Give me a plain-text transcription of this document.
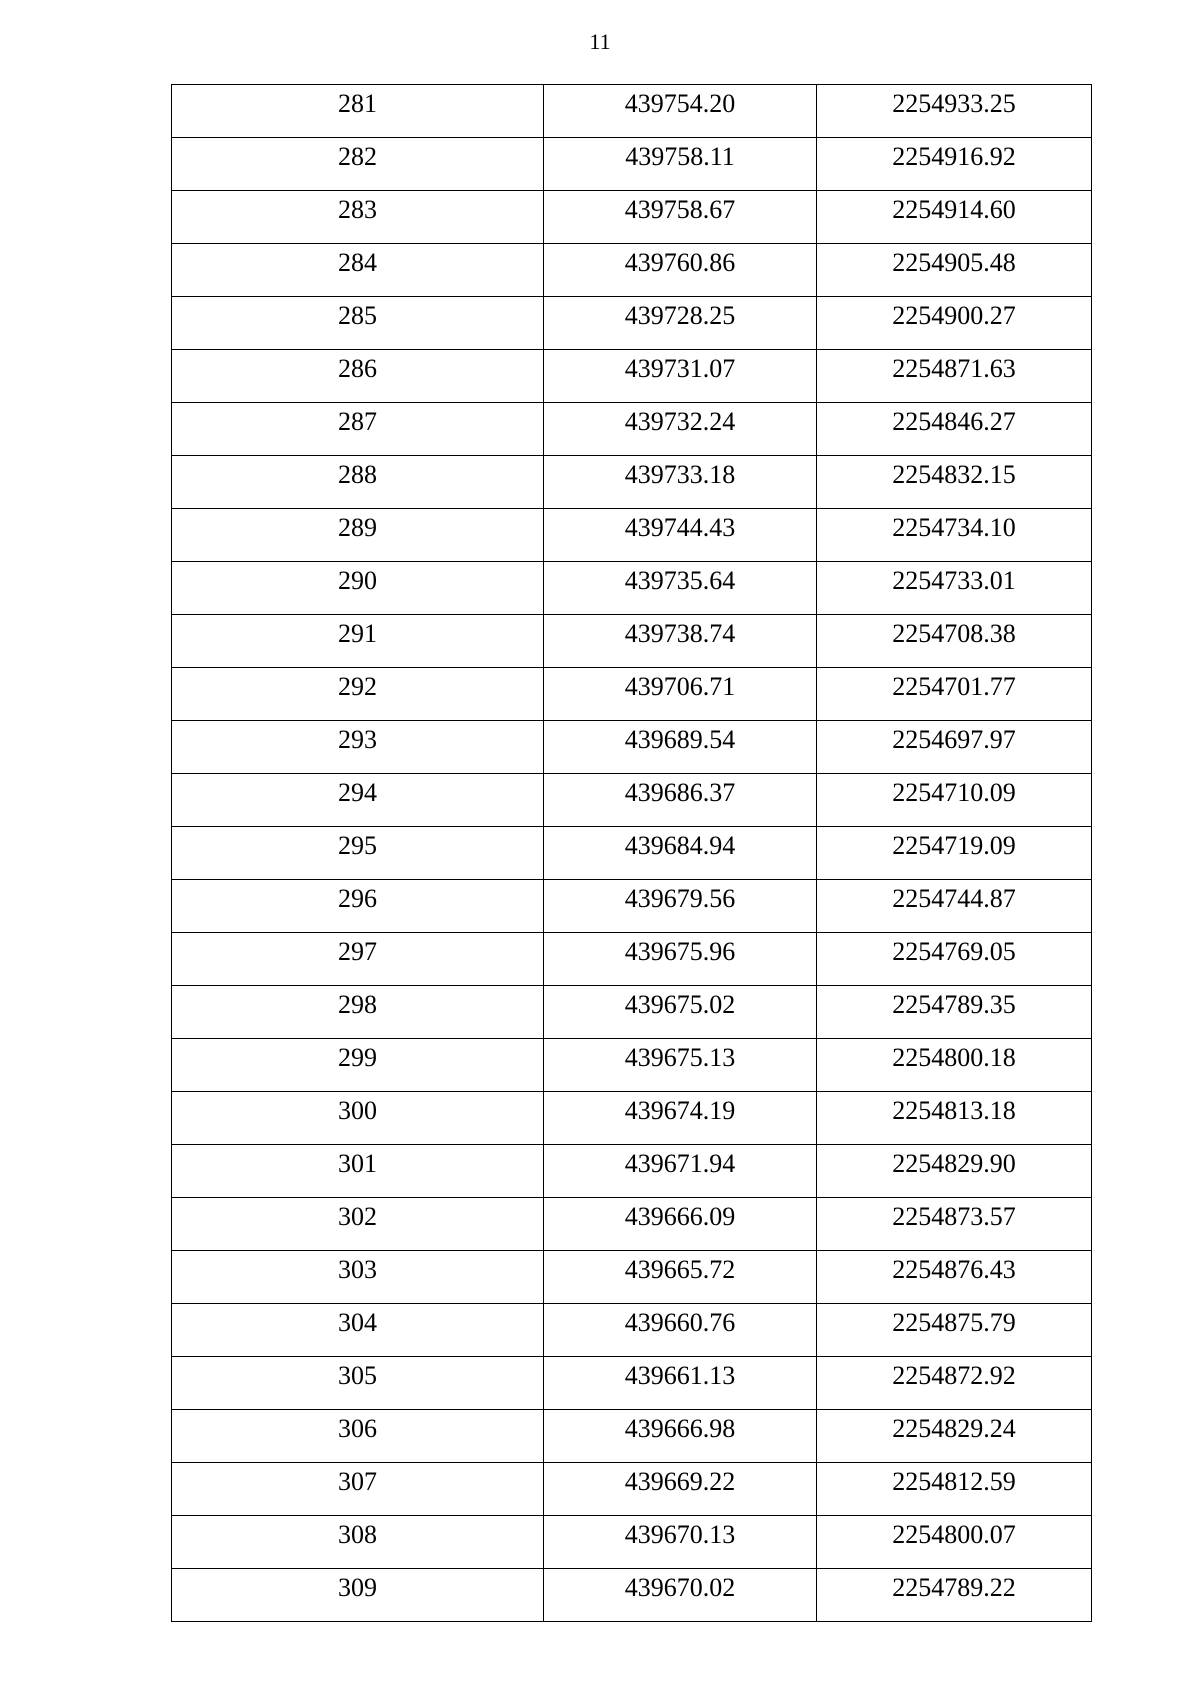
11
281	439754.20	2254933.25
282	439758.11	2254916.92
283	439758.67	2254914.60
284	439760.86	2254905.48
285	439728.25	2254900.27
286	439731.07	2254871.63
287	439732.24	2254846.27
288	439733.18	2254832.15
289	439744.43	2254734.10
290	439735.64	2254733.01
291	439738.74	2254708.38
292	439706.71	2254701.77
293	439689.54	2254697.97
294	439686.37	2254710.09
295	439684.94	2254719.09
296	439679.56	2254744.87
297	439675.96	2254769.05
298	439675.02	2254789.35
299	439675.13	2254800.18
300	439674.19	2254813.18
301	439671.94	2254829.90
302	439666.09	2254873.57
303	439665.72	2254876.43
304	439660.76	2254875.79
305	439661.13	2254872.92
306	439666.98	2254829.24
307	439669.22	2254812.59
308	439670.13	2254800.07
309	439670.02	2254789.22
